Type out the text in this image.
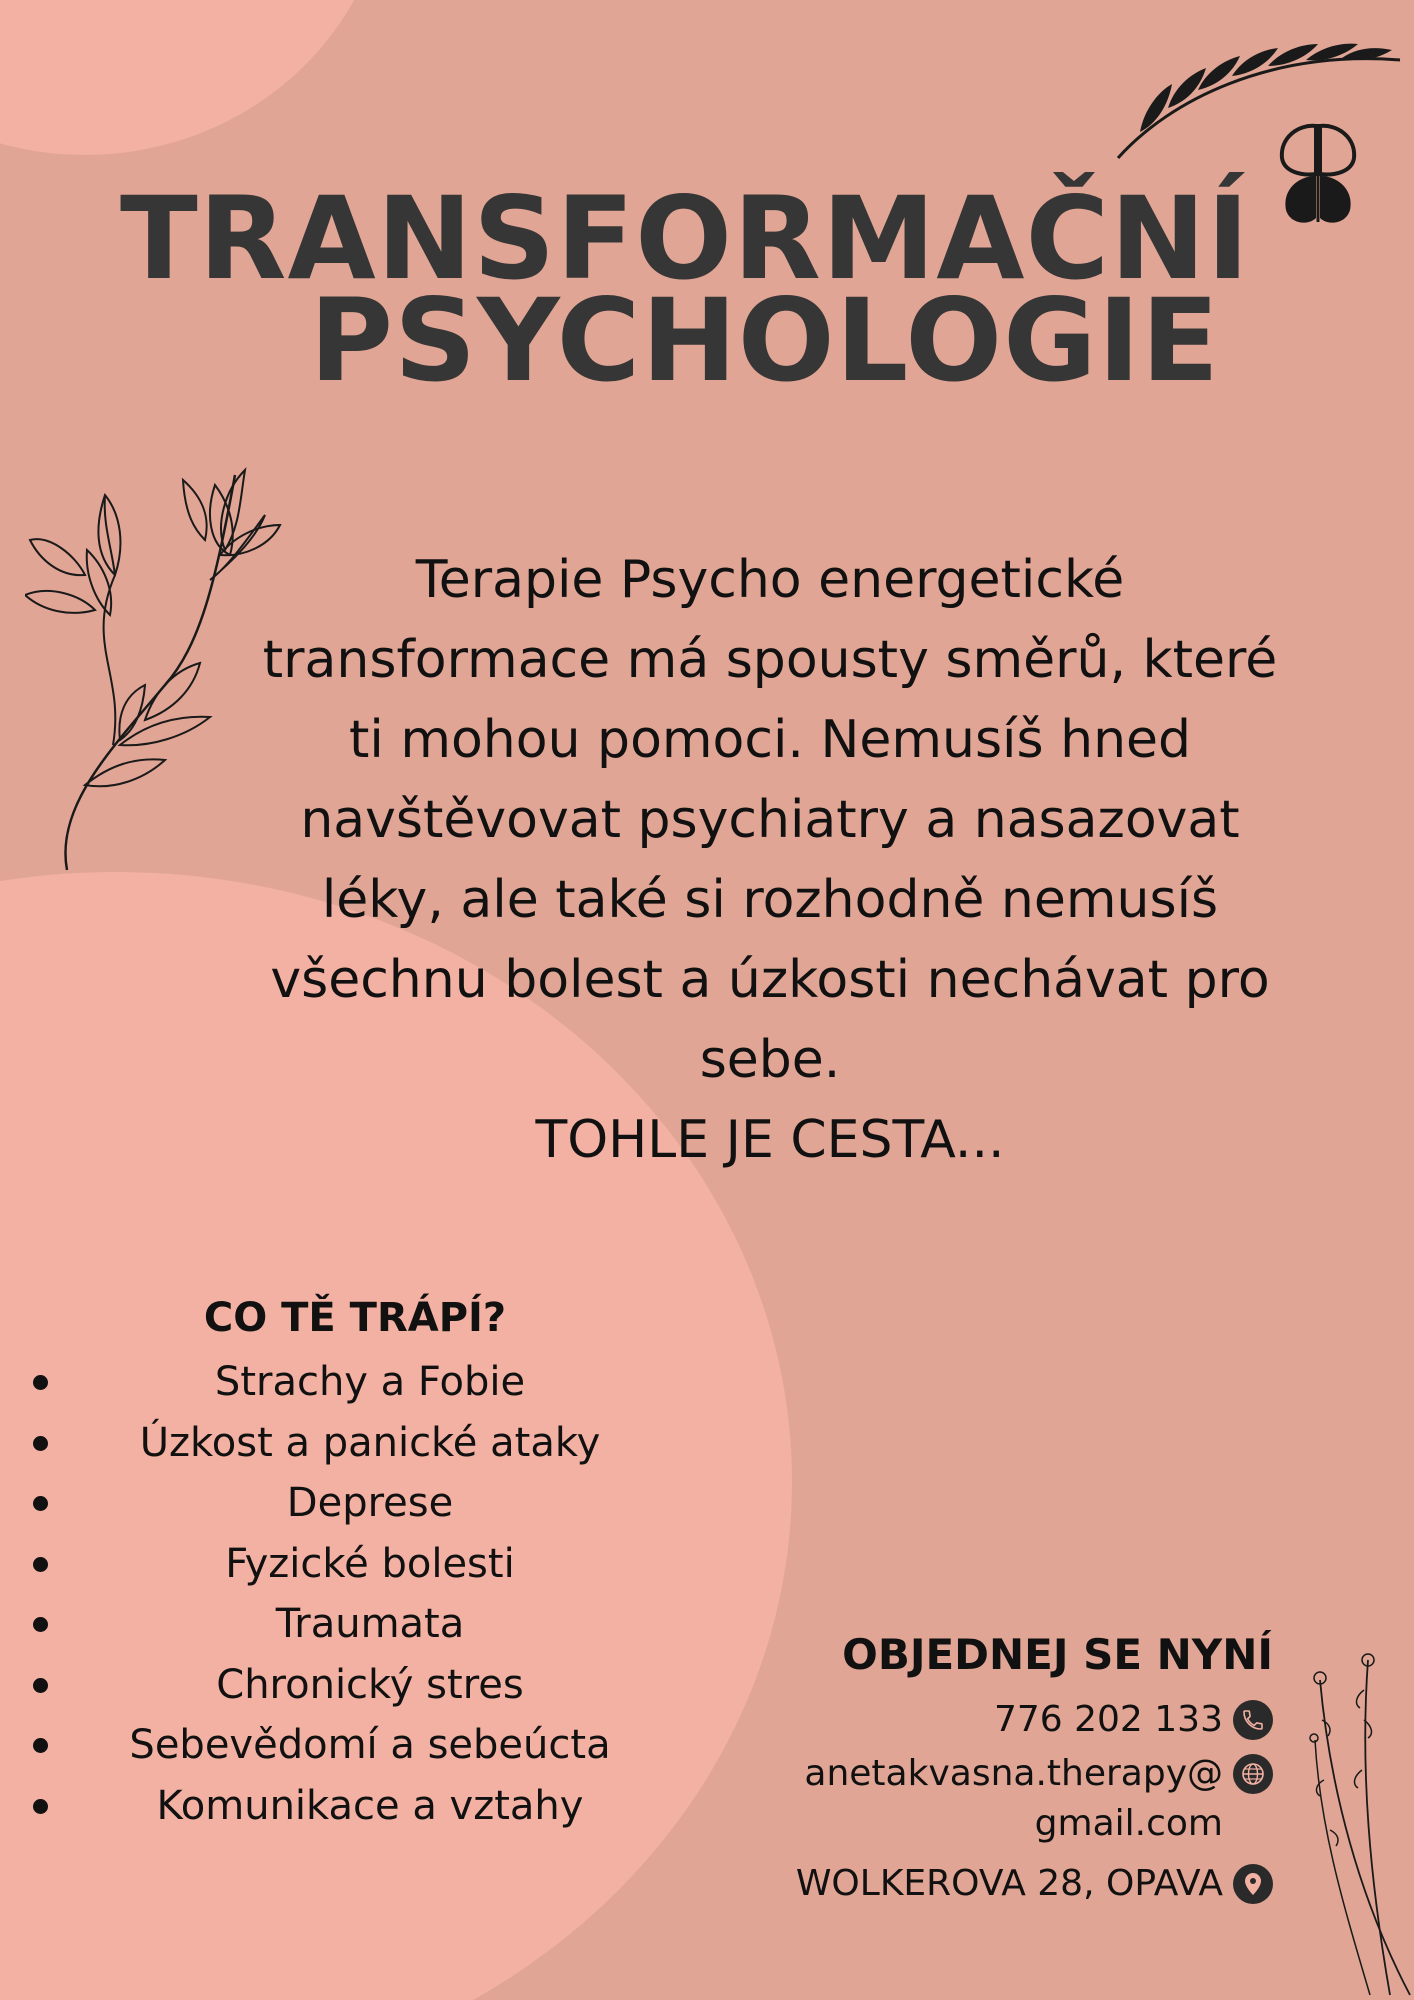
TRANSFORMAČNÍ
PSYCHOLOGIE
Terapie Psycho energetické transformace má spousty směrů, které ti mohou pomoci. Nemusíš hned navštěvovat psychiatry a nasazovat léky, ale také si rozhodně nemusíš všechnu bolest a úzkosti nechávat pro sebe.
TOHLE JE CESTA...
CO TĚ TRÁPÍ?
Strachy a Fobie
Úzkost a panické ataky
Deprese
Fyzické bolesti
Traumata
Chronický stres
Sebevědomí a sebeúcta
Komunikace a vztahy
OBJEDNEJ SE NYNÍ
776 202 133
anetakvasna.therapy@
gmail.com
WOLKEROVA 28, OPAVA
